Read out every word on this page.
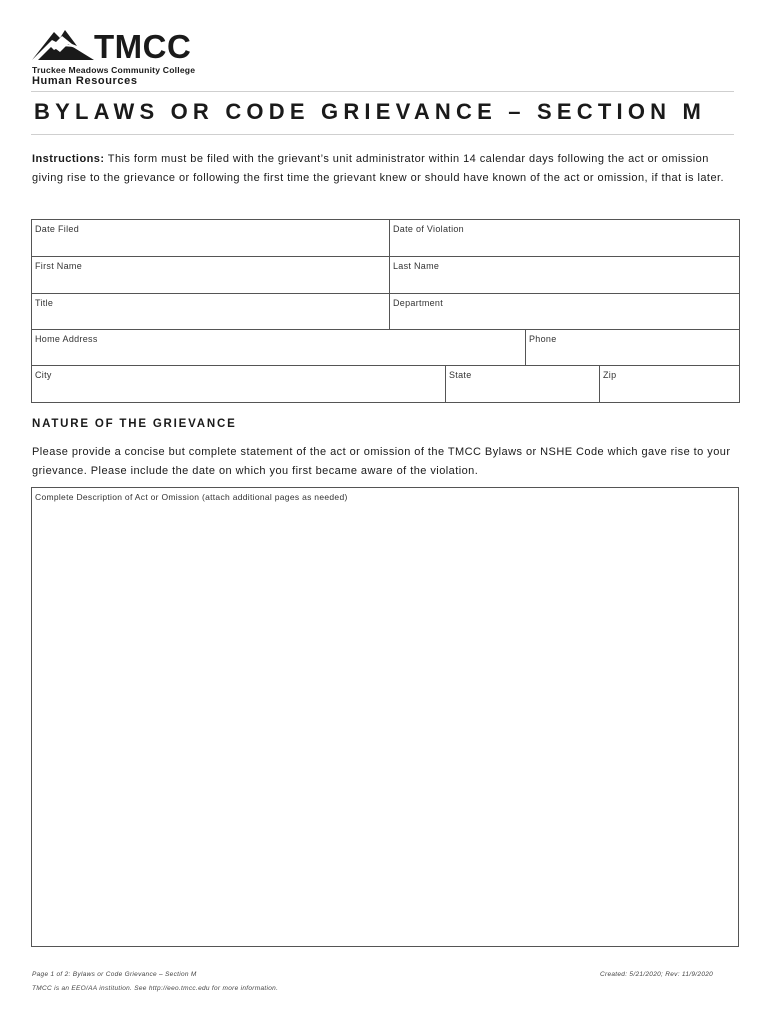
TMCC
Truckee Meadows Community College
Human Resources
BYLAWS OR CODE GRIEVANCE – SECTION M
Instructions: This form must be filed with the grievant’s unit administrator within 14 calendar days following the act or omission giving rise to the grievance or following the first time the grievant knew or should have known of the act or omission, if that is later.
Date Filed	Date of Violation
First Name	Last Name
Title	Department
Home Address	Phone
City	State	Zip
NATURE OF THE GRIEVANCE
Please provide a concise but complete statement of the act or omission of the TMCC Bylaws or NSHE Code which gave rise to your grievance. Please include the date on which you first became aware of the violation.
Complete Description of Act or Omission (attach additional pages as needed)
Page 1 of 2: Bylaws or Code Grievance – Section M	Created: 5/21/2020; Rev: 11/9/2020
TMCC is an EEO/AA institution. See http://eeo.tmcc.edu for more information.
